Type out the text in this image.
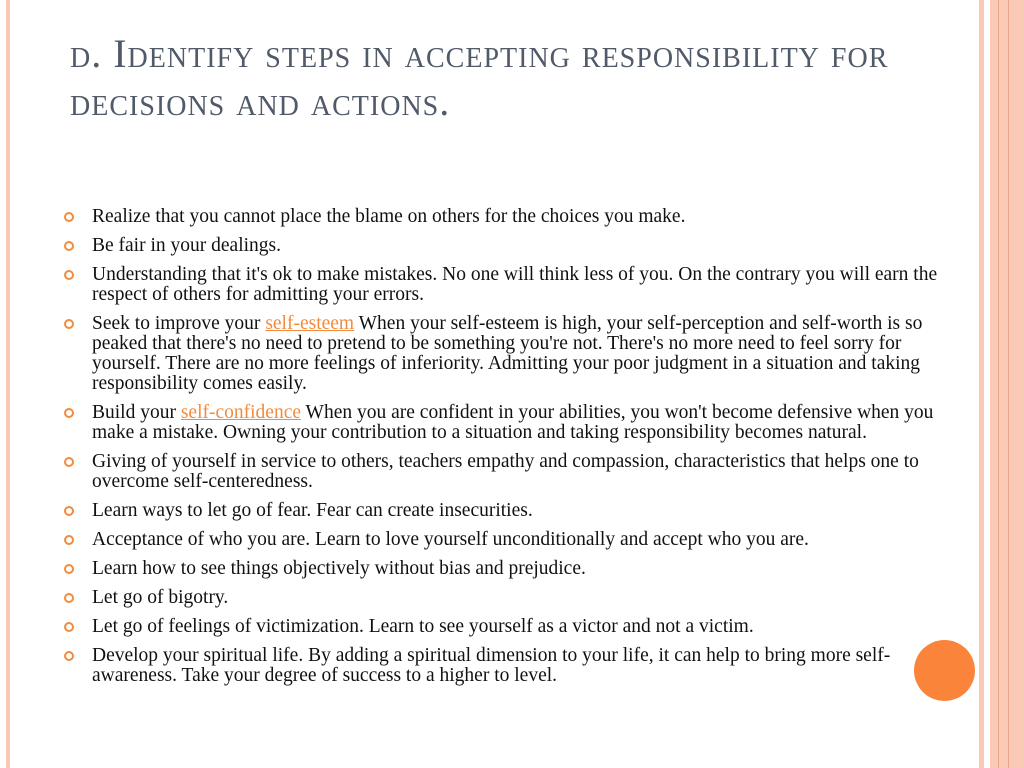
d. Identify steps in accepting responsibility for decisions and actions.
Realize that you cannot place the blame on others for the choices you make.
Be fair in your dealings.
Understanding that it's ok to make mistakes. No one will think less of you. On the contrary you will earn the respect of others for admitting your errors.
Seek to improve your self-esteem When your self-esteem is high, your self-perception and self-worth is so peaked that there's no need to pretend to be something you're not. There's no more need to feel sorry for yourself. There are no more feelings of inferiority. Admitting your poor judgment in a situation and taking responsibility comes easily.
Build your self-confidence When you are confident in your abilities, you won't become defensive when you make a mistake. Owning your contribution to a situation and taking responsibility becomes natural.
Giving of yourself in service to others, teachers empathy and compassion, characteristics that helps one to overcome self-centeredness.
Learn ways to let go of fear. Fear can create insecurities.
Acceptance of who you are. Learn to love yourself unconditionally and accept who you are.
Learn how to see things objectively without bias and prejudice.
Let go of bigotry.
Let go of feelings of victimization. Learn to see yourself as a victor and not a victim.
Develop your spiritual life. By adding a spiritual dimension to your life, it can help to bring more self-awareness. Take your degree of success to a higher to level.
